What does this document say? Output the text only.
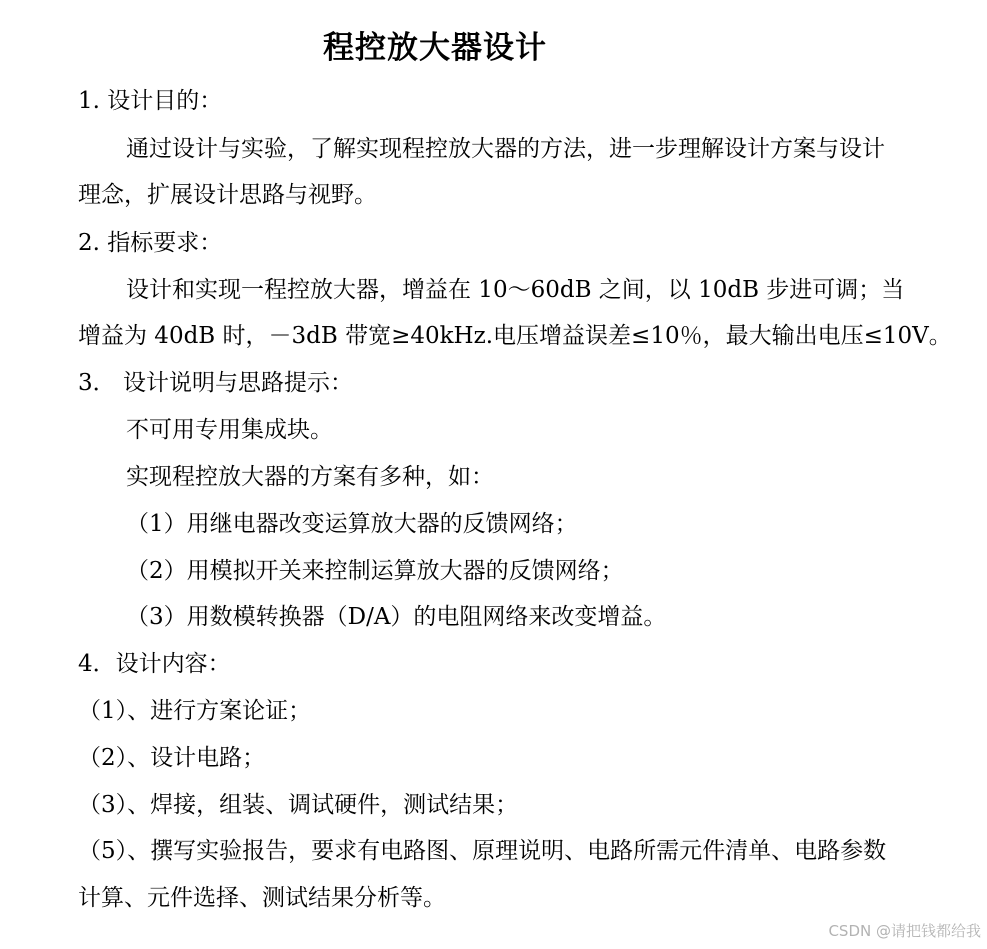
程控放大器设计
1. 设计目的：
通过设计与实验，了解实现程控放大器的方法，进一步理解设计方案与设计
理念，扩展设计思路与视野。
2. 指标要求：
设计和实现一程控放大器，增益在 10～60dB 之间，以 10dB 步进可调；当
增益为 40dB 时，－3dB 带宽≥40kHz.电压增益误差≤10％，最大输出电压≤10V。
3． 设计说明与思路提示：
不可用专用集成块。
实现程控放大器的方案有多种，如：
（1）用继电器改变运算放大器的反馈网络；
（2）用模拟开关来控制运算放大器的反馈网络；
（3）用数模转换器（D/A）的电阻网络来改变增益。
4．设计内容：
（1）、进行方案论证；
（2）、设计电路；
（3）、焊接，组装、调试硬件，测试结果；
（5）、撰写实验报告，要求有电路图、原理说明、电路所需元件清单、电路参数
计算、元件选择、测试结果分析等。
CSDN @请把钱都给我
